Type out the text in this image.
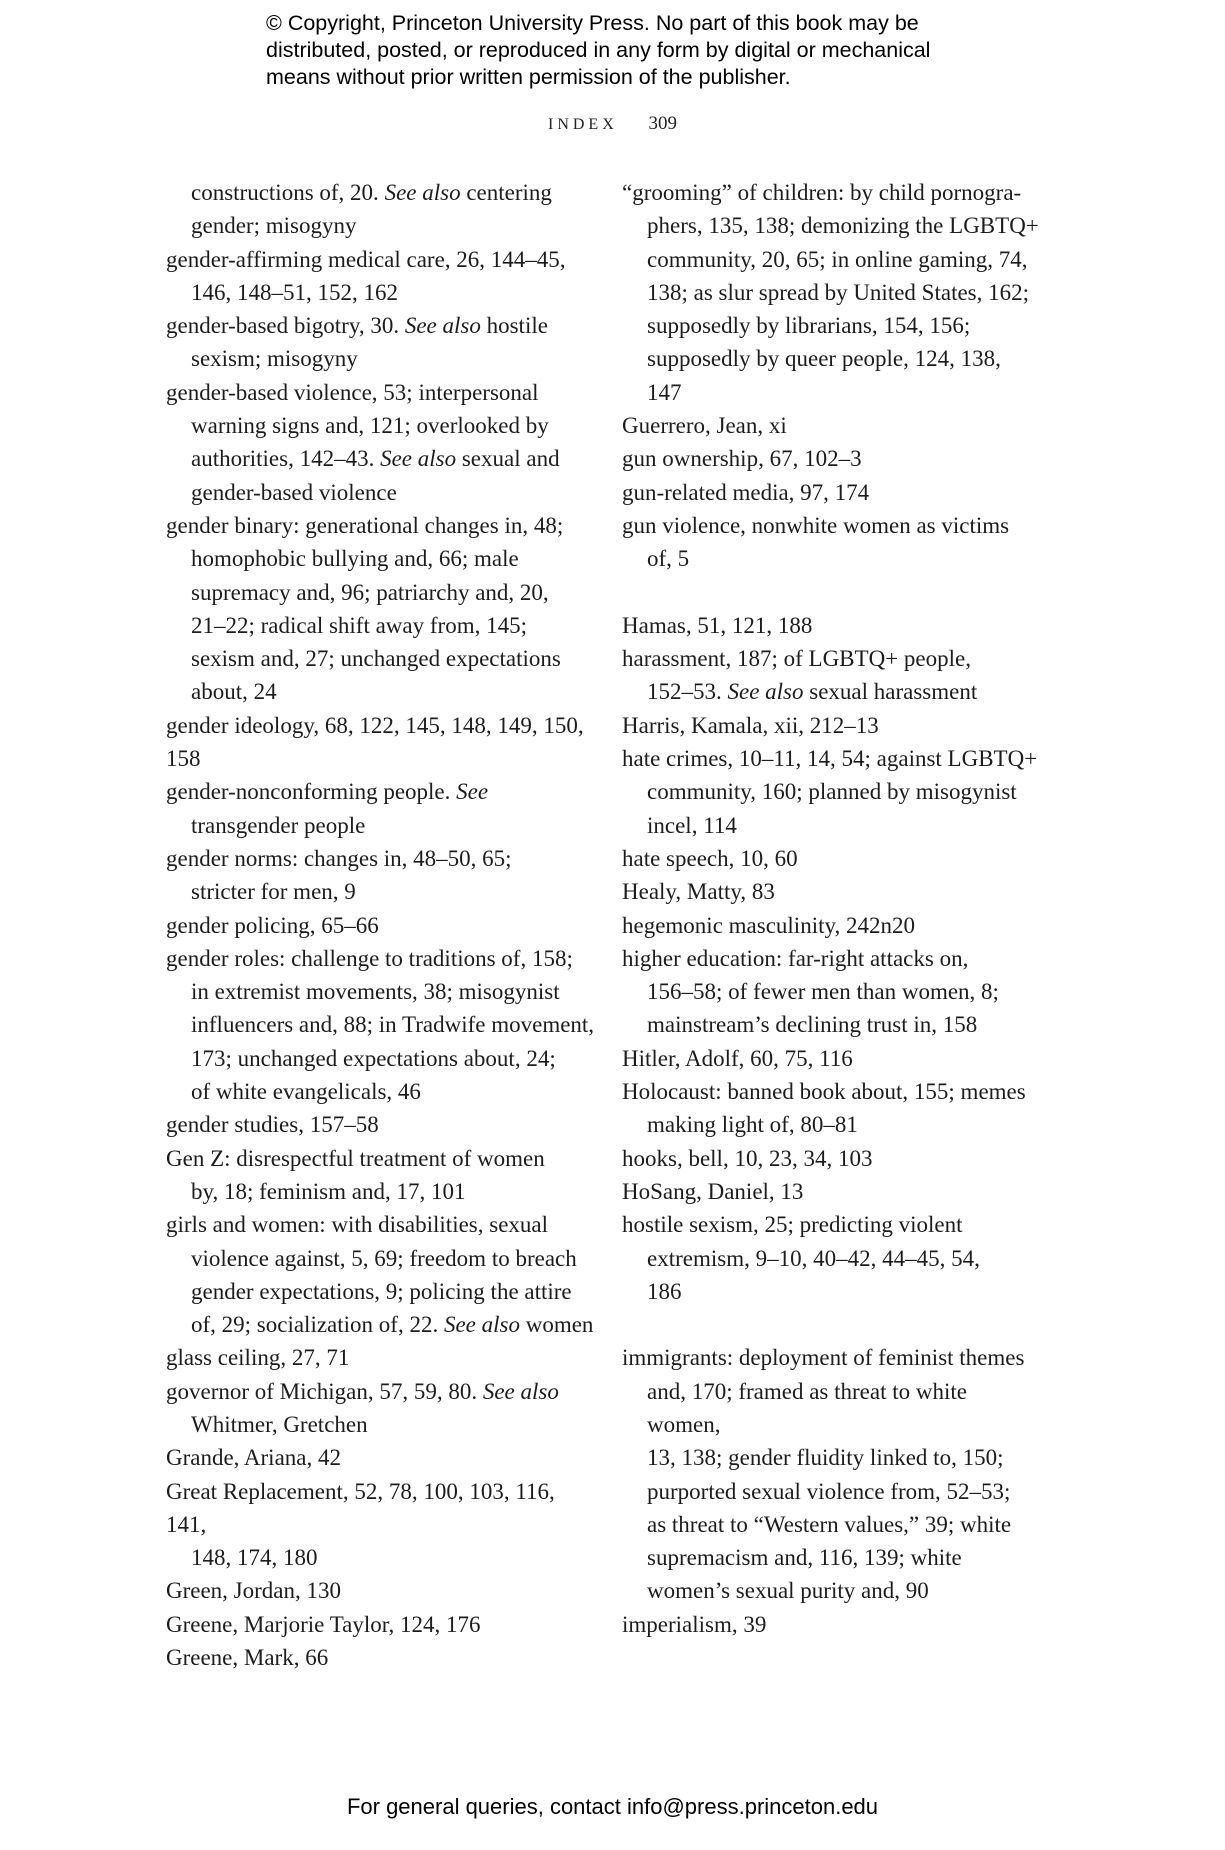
© Copyright, Princeton University Press. No part of this book may be
distributed, posted, or reproduced in any form by digital or mechanical
means without prior written permission of the publisher.
INDEX 309
constructions of, 20. See also centering
gender; misogyny
gender-affirming medical care, 26, 144–45,
146, 148–51, 152, 162
gender-based bigotry, 30. See also hostile
sexism; misogyny
gender-based violence, 53; interpersonal
warning signs and, 121; overlooked by
authorities, 142–43. See also sexual and
gender-based violence
gender binary: generational changes in, 48;
homophobic bullying and, 66; male
supremacy and, 96; patriarchy and, 20,
21–22; radical shift away from, 145;
sexism and, 27; unchanged expectations
about, 24
gender ideology, 68, 122, 145, 148, 149, 150, 158
gender-nonconforming people. See
transgender people
gender norms: changes in, 48–50, 65;
stricter for men, 9
gender policing, 65–66
gender roles: challenge to traditions of, 158;
in extremist movements, 38; misogynist
influencers and, 88; in Tradwife movement,
173; unchanged expectations about, 24;
of white evangelicals, 46
gender studies, 157–58
Gen Z: disrespectful treatment of women
by, 18; feminism and, 17, 101
girls and women: with disabilities, sexual
violence against, 5, 69; freedom to breach
gender expectations, 9; policing the attire
of, 29; socialization of, 22. See also women
glass ceiling, 27, 71
governor of Michigan, 57, 59, 80. See also
Whitmer, Gretchen
Grande, Ariana, 42
Great Replacement, 52, 78, 100, 103, 116, 141,
148, 174, 180
Green, Jordan, 130
Greene, Marjorie Taylor, 124, 176
Greene, Mark, 66
“grooming” of children: by child pornogra-
phers, 135, 138; demonizing the LGBTQ+
community, 20, 65; in online gaming, 74,
138; as slur spread by United States, 162;
supposedly by librarians, 154, 156;
supposedly by queer people, 124, 138,
147
Guerrero, Jean, xi
gun ownership, 67, 102–3
gun-related media, 97, 174
gun violence, nonwhite women as victims
of, 5

Hamas, 51, 121, 188
harassment, 187; of LGBTQ+ people,
152–53. See also sexual harassment
Harris, Kamala, xii, 212–13
hate crimes, 10–11, 14, 54; against LGBTQ+
community, 160; planned by misogynist
incel, 114
hate speech, 10, 60
Healy, Matty, 83
hegemonic masculinity, 242n20
higher education: far-right attacks on,
156–58; of fewer men than women, 8;
mainstream’s declining trust in, 158
Hitler, Adolf, 60, 75, 116
Holocaust: banned book about, 155; memes
making light of, 80–81
hooks, bell, 10, 23, 34, 103
HoSang, Daniel, 13
hostile sexism, 25; predicting violent
extremism, 9–10, 40–42, 44–45, 54,
186

immigrants: deployment of feminist themes
and, 170; framed as threat to white women,
13, 138; gender fluidity linked to, 150;
purported sexual violence from, 52–53;
as threat to “Western values,” 39; white
supremacism and, 116, 139; white
women’s sexual purity and, 90
imperialism, 39
For general queries, contact info@press.princeton.edu
